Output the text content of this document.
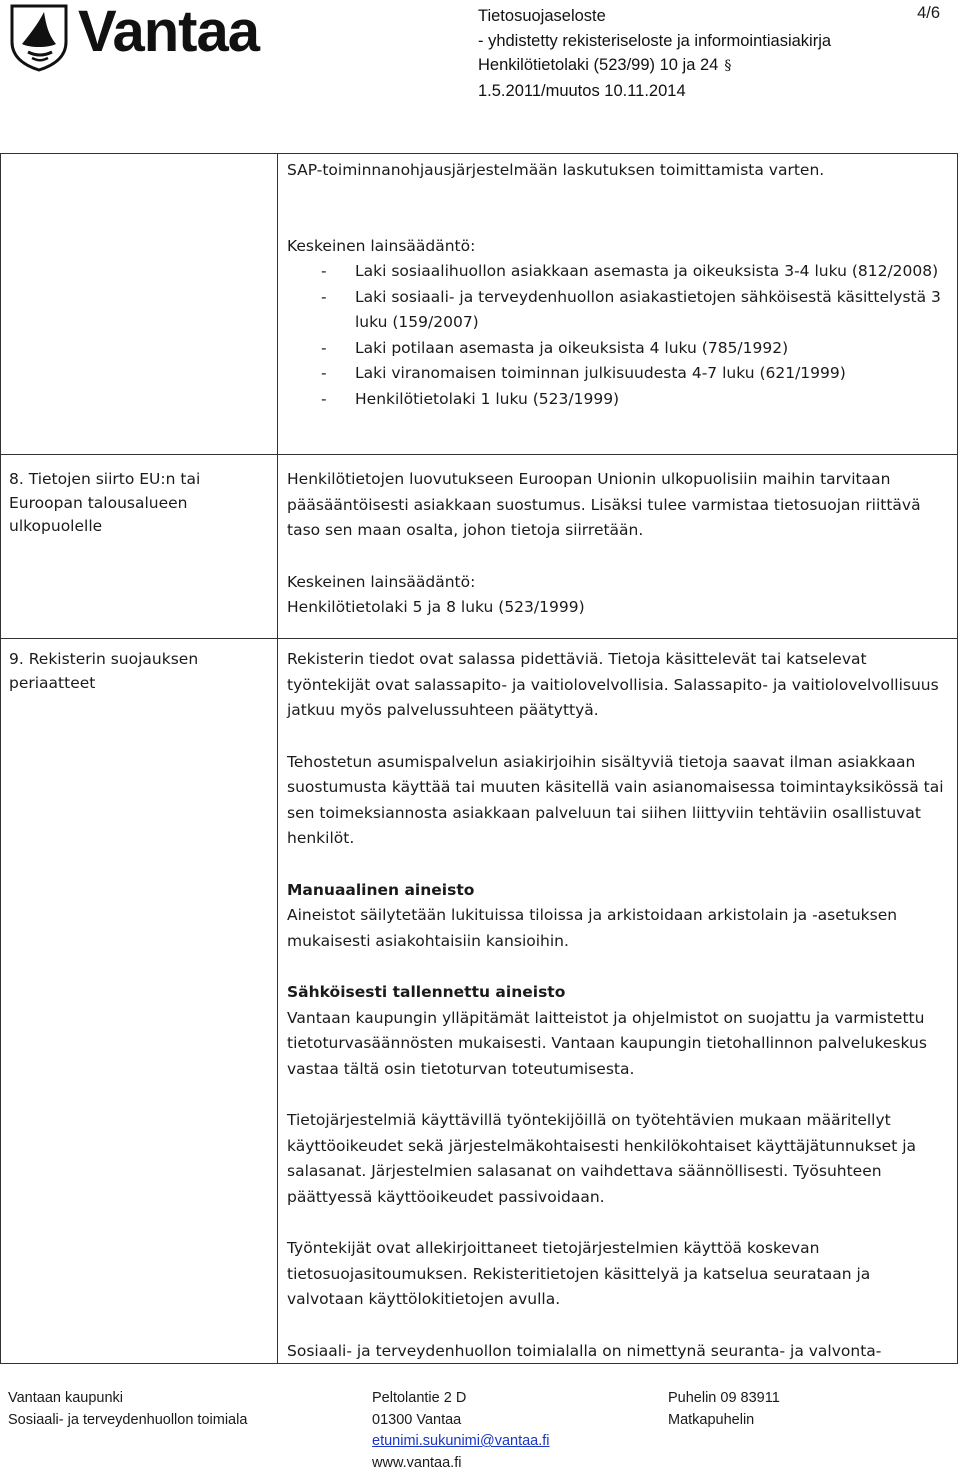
Vantaa	Tietosuojaseloste
- yhdistetty rekisteriseloste ja informointiasiakirja
Henkilötietolaki (523/99) 10 ja 24 §
1.5.2011/muutos 10.11.2014
4/6

SAP-toiminnanohjausjärjestelmään laskutuksen toimittamista varten.

Keskeinen lainsäädäntö:

- Laki sosiaalihuollon asiakkaan asemasta ja oikeuksista 3-4 luku (812/2008)
- Laki sosiaali- ja terveydenhuollon asiakastietojen sähköisestä käsittelystä 3 luku (159/2007)
- Laki potilaan asemasta ja oikeuksista 4 luku (785/1992)
- Laki viranomaisen toiminnan julkisuudesta 4-7 luku (621/1999)
- Henkilötietolaki 1 luku (523/1999)
8. Tietojen siirto EU:n tai Euroopan talousalueen ulkopuolelle

Henkilötietojen luovutukseen Euroopan Unionin ulkopuolisiin maihin tarvitaan pääsääntöisesti asiakkaan suostumus. Lisäksi tulee varmistaa tietosuojan riittävä taso sen maan osalta, johon tietoja siirretään.

Keskeinen lainsäädäntö:

Henkilötietolaki 5 ja 8 luku (523/1999)

9. Rekisterin suojauksen periaatteet

Rekisterin tiedot ovat salassa pidettäviä. Tietoja käsittelevät tai katselevat työntekijät ovat salassapito- ja vaitiolovelvollisia. Salassapito- ja vaitiolovelvollisuus jatkuu myös palvelussuhteen päätyttyä.

Tehostetun asumispalvelun asiakirjoihin sisältyviä tietoja saavat ilman asiakkaan suostumusta käyttää tai muuten käsitellä vain asianomaisessa toimintayksikössä tai sen toimeksiannosta asiakkaan palveluun tai siihen liittyviin tehtäviin osallistuvat henkilöt.

Manuaalinen aineisto

Aineistot säilytetään lukituissa tiloissa ja arkistoidaan arkistolain ja -asetuksen mukaisesti asiakohtaisiin kansioihin.

Sähköisesti tallennettu aineisto

Vantaan kaupungin ylläpitämät laitteistot ja ohjelmistot on suojattu ja varmistettu tietoturvasäännösten mukaisesti. Vantaan kaupungin tietohallinnon palvelukeskus vastaa tältä osin tietoturvan toteutumisesta.

Tietojärjestelmiä käyttävillä työntekijöillä on työtehtävien mukaan määritellyt käyttöoikeudet sekä järjestelmäkohtaisesti henkilökohtaiset käyttäjätunnukset ja salasanat. Järjestelmien salasanat on vaihdettava säännöllisesti. Työsuhteen päättyessä käyttöoikeudet passivoidaan.

Työntekijät ovat allekirjoittaneet tietojärjestelmien käyttöä koskevan tietosuojasitoumuksen. Rekisteritietojen käsittelyä ja katselua seurataan ja valvotaan käyttölokitietojen avulla.

Sosiaali- ja terveydenhuollon toimialalla on nimettynä seuranta- ja valvonta-

Vantaan kaupunki
Sosiaali- ja terveydenhuollon toimiala
Peltolantie 2 D
01300 Vantaa
etunimi.sukunimi@vantaa.fi
www.vantaa.fi
Puhelin 09 83911
Matkapuhelin
